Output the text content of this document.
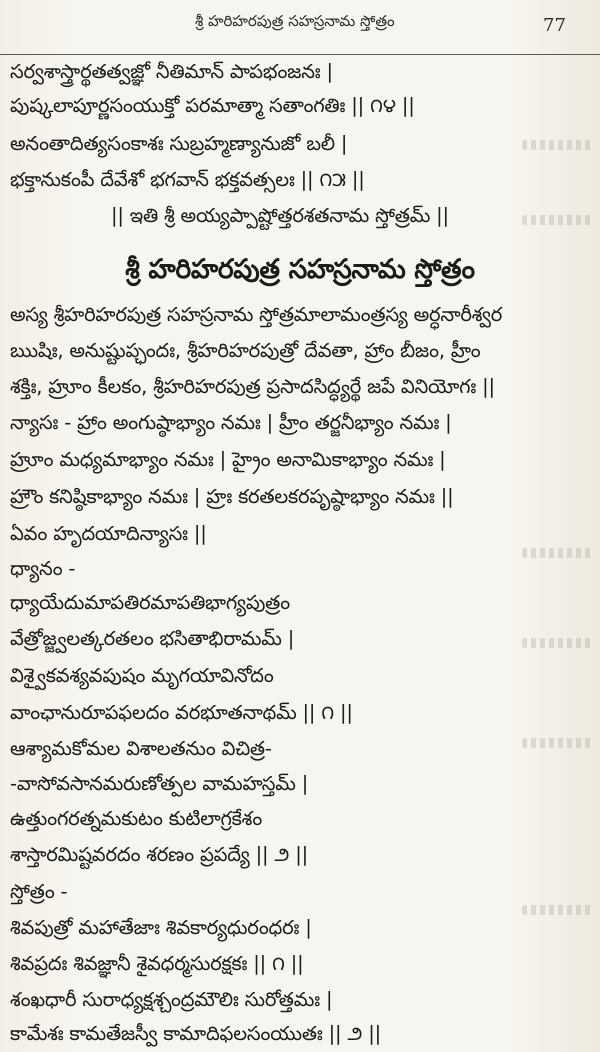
శ్రీ హరిహరపుత్ర సహస్రనామ స్తోత్రం	77
సర్వశాస్త్రార్థతత్వజ్ఞో నీతిమాన్ పాపభంజనః |
పుష్కలాపూర్ణసంయుక్తో పరమాత్మా సతాంగతిః || ౧౪ ||
అనంతాదిత్యసంకాశః సుబ్రహ్మణ్యానుజో బలీ |
భక్తానుకంపీ దేవేశో భగవాన్ భక్తవత్సలః || ౧౫ ||
|| ఇతి శ్రీ అయ్యప్పాష్టోత్తరశతనామ స్తోత్రమ్ ||
శ్రీ హరిహరపుత్ర సహస్రనామ స్తోత్రం
అస్య శ్రీహరిహరపుత్ర సహస్రనామ స్తోత్రమాలామంత్రస్య అర్ధనారీశ్వర
ఋషిః, అనుష్టుప్ఛందః, శ్రీహరిహరపుత్రో దేవతా, హ్రాం బీజం, హ్రీం
శక్తిః, హ్రూం కీలకం, శ్రీహరిహరపుత్ర ప్రసాదసిద్ధ్యర్థే జపే వినియోగః ||
న్యాసః - హ్రాం అంగుష్ఠాభ్యాం నమః | హ్రీం తర్జనీభ్యాం నమః |
హ్రూం మధ్యమాభ్యాం నమః | హ్రైం అనామికాభ్యాం నమః |
హ్రౌం కనిష్ఠికాభ్యాం నమః | హ్రః కరతలకరపృష్ఠాభ్యాం నమః ||
ఏవం హృదయాదిన్యాసః ||
ధ్యానం -
ధ్యాయేదుమాపతిరమాపతిభాగ్యపుత్రం
వేత్రోజ్జ్వలత్కరతలం భసితాభిరామమ్ |
విశ్వైకవశ్యవపుషం మృగయావినోదం
వాంఛానురూపఫలదం వరభూతనాథమ్ || ౧ ||
ఆశ్యామకోమల విశాలతనుం విచిత్ర-
-వాసోవసానమరుణోత్పల వామహస్తమ్ |
ఉత్తుంగరత్నమకుటం కుటిలాగ్రకేశం
శాస్తారమిష్టవరదం శరణం ప్రపద్యే || ౨ ||
స్తోత్రం -
శివపుత్రో మహాతేజాః శివకార్యధురంధరః |
శివప్రదః శివజ్ఞానీ శైవధర్మసురక్షకః || ౧ ||
శంఖధారీ సురాధ్యక్షశ్చంద్రమౌలిః సురోత్తమః |
కామేశః కామతేజస్వీ కామాదిఫలసంయుతః || ౨ ||
